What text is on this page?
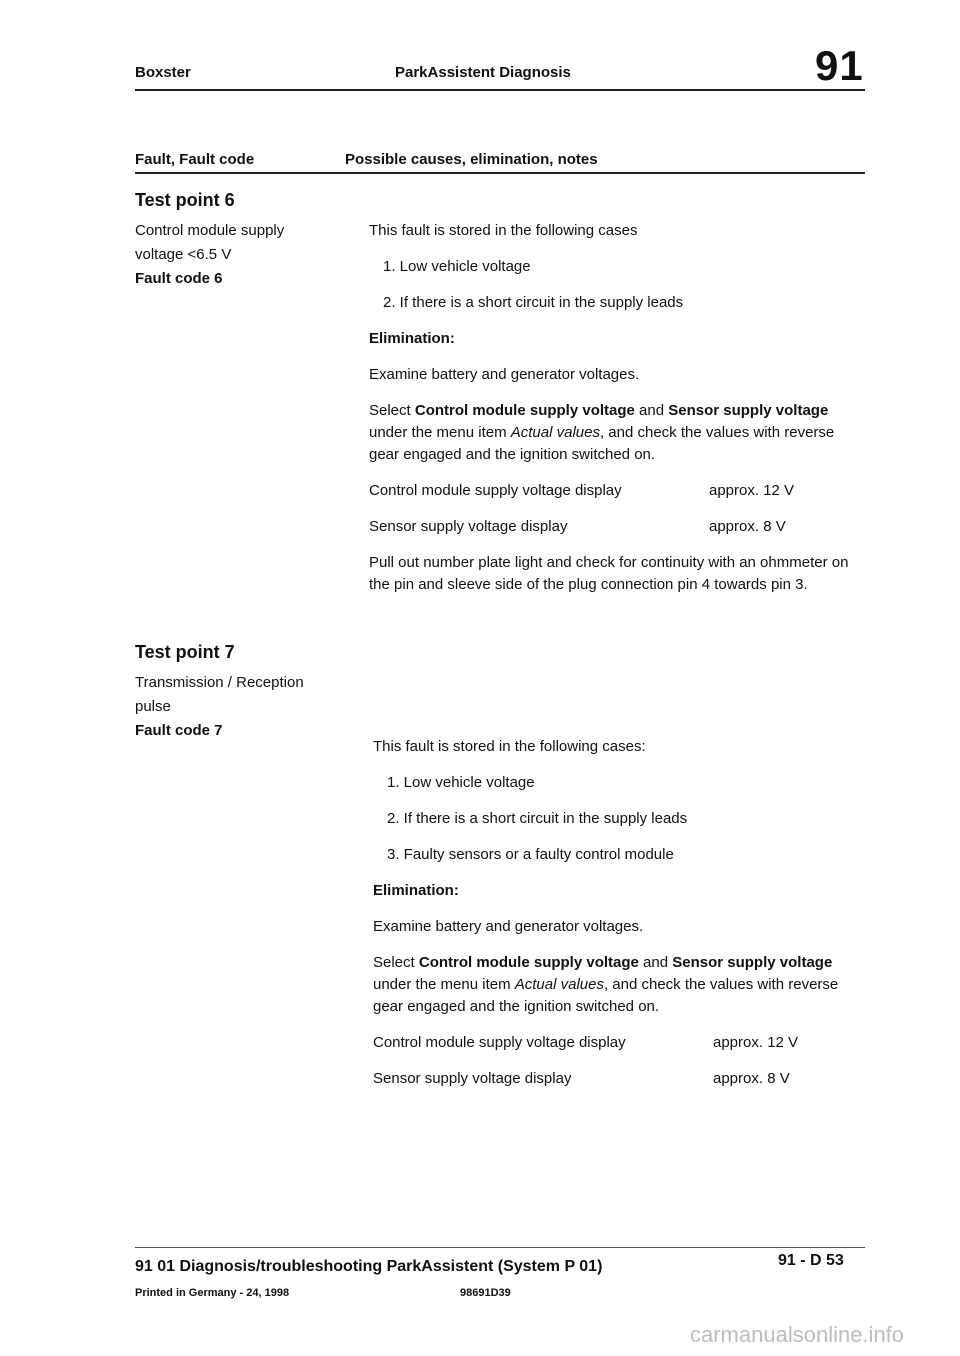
Boxster	ParkAssistent Diagnosis	91
Fault, Fault code	Possible causes, elimination, notes
Test point 6
Control module supply
voltage <6.5 V
Fault code 6
This fault is stored in the following cases
1. Low vehicle voltage
2. If there is a short circuit in the supply leads
Elimination:
Examine battery and generator voltages.
Select Control module supply voltage and Sensor supply voltage under the menu item Actual values, and check the values with reverse gear engaged and the ignition switched on.
Control module supply voltage display	approx. 12 V
Sensor supply voltage display	approx. 8 V
Pull out number plate light and check for continuity with an ohmmeter on the pin and sleeve side of the plug connection pin 4 towards pin 3.
Test point 7
Transmission / Reception
pulse
Fault code 7
This fault is stored in the following cases:
1. Low vehicle voltage
2. If there is a short circuit in the supply leads
3. Faulty sensors or a faulty control module
Elimination:
Examine battery and generator voltages.
Select Control module supply voltage and Sensor supply voltage under the menu item Actual values, and check the values with reverse gear engaged and the ignition switched on.
Control module supply voltage display	approx. 12 V
Sensor supply voltage display	approx. 8 V
91 01 Diagnosis/troubleshooting ParkAssistent (System P 01)	91 - D 53
Printed in Germany - 24, 1998	98691D39
carmanualsonline.info
